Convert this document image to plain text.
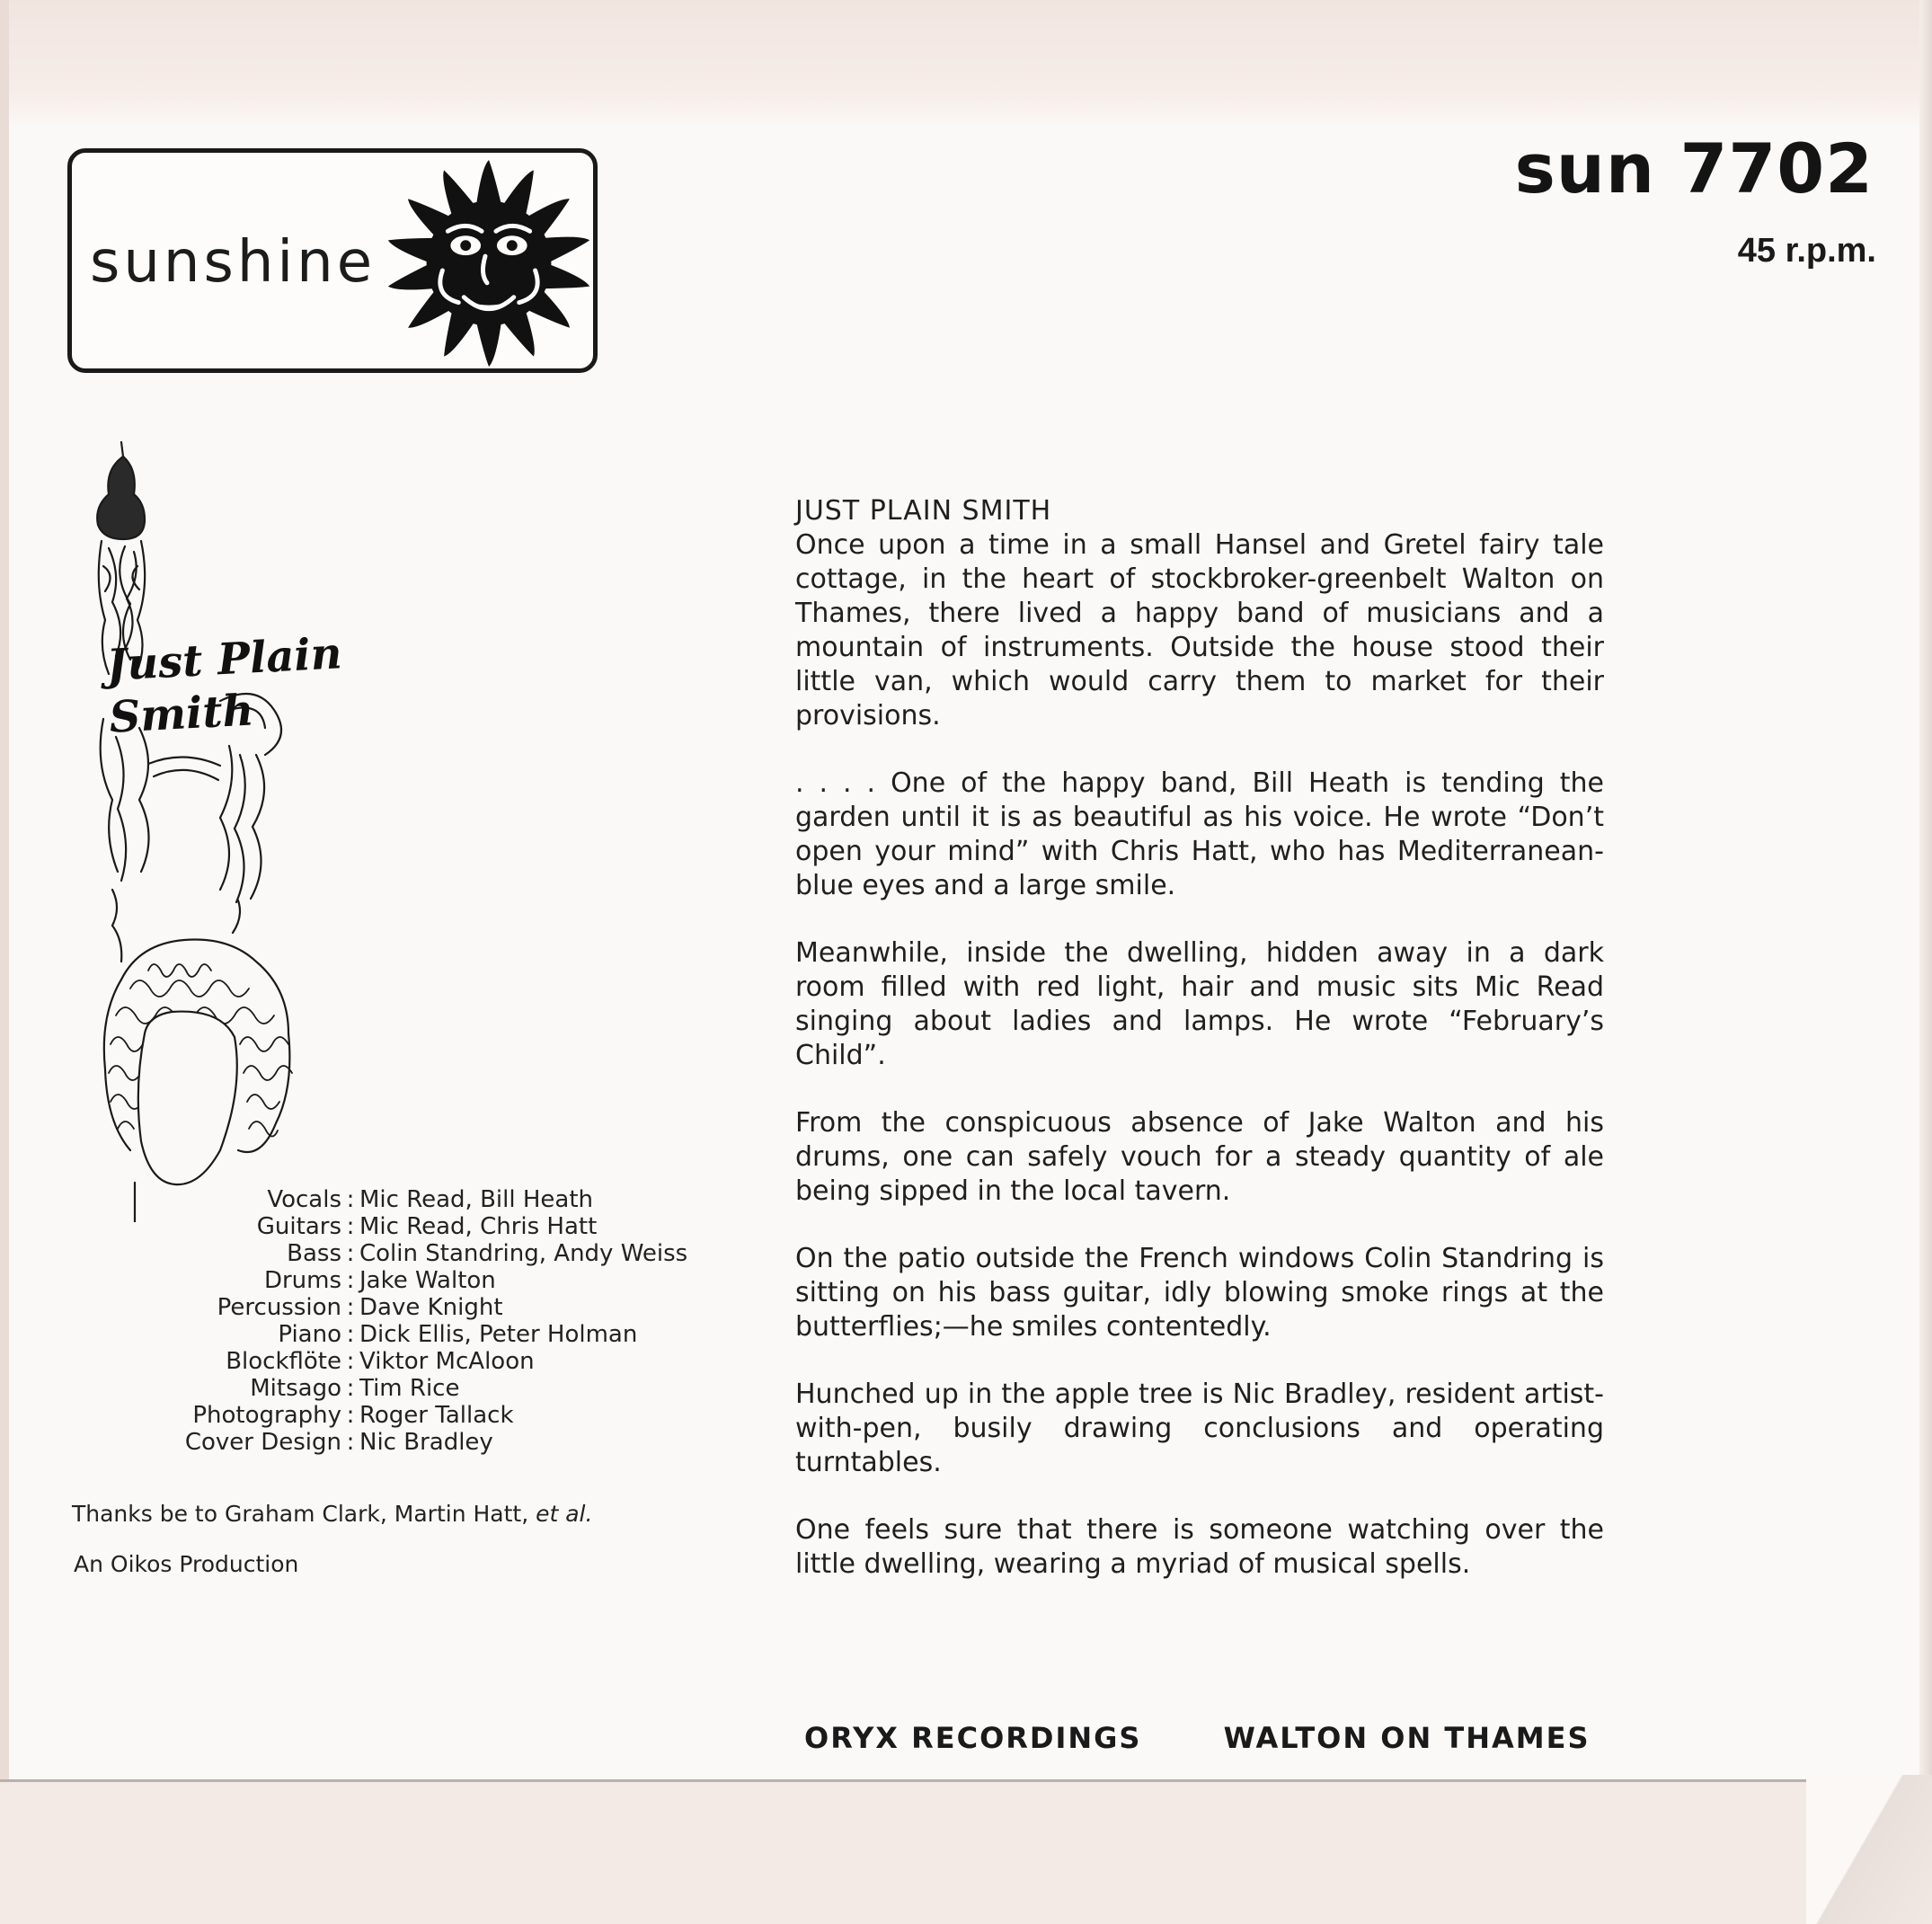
sunshine
sun 7702
45 r.p.m.
Just Plain
Smith
Vocals : Mic Read, Bill Heath
Guitars : Mic Read, Chris Hatt
Bass : Colin Standring, Andy Weiss
Drums : Jake Walton
Percussion : Dave Knight
Piano : Dick Ellis, Peter Holman
Blockflöte : Viktor McAloon
Mitsago : Tim Rice
Photography : Roger Tallack
Cover Design : Nic Bradley
Thanks be to Graham Clark, Martin Hatt, et al.
An Oikos Production
JUST PLAIN SMITH

Once upon a time in a small Hansel and Gretel fairy tale cottage, in the heart of stockbroker-greenbelt Walton on Thames, there lived a happy band of musicians and a mountain of instruments. Outside the house stood their little van, which would carry them to market for their provisions.

. . . . One of the happy band, Bill Heath is tending the garden until it is as beautiful as his voice. He wrote “Don’t open your mind” with Chris Hatt, who has Mediterranean-blue eyes and a large smile.

Meanwhile, inside the dwelling, hidden away in a dark room filled with red light, hair and music sits Mic Read singing about ladies and lamps. He wrote “February’s Child”.

From the conspicuous absence of Jake Walton and his drums, one can safely vouch for a steady quantity of ale being sipped in the local tavern.

On the patio outside the French windows Colin Standring is sitting on his bass guitar, idly blowing smoke rings at the butterflies;—he smiles contentedly.

Hunched up in the apple tree is Nic Bradley, resident artist-with-pen, busily drawing conclusions and operating turntables.

One feels sure that there is someone watching over the little dwelling, wearing a myriad of musical spells.

ORYX RECORDINGS	WALTON ON THAMES
